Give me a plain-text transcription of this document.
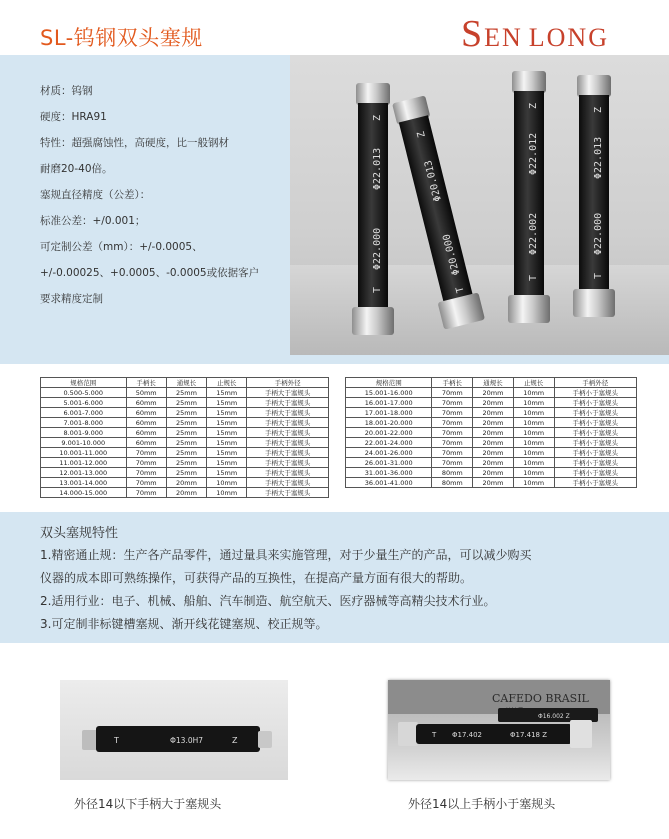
SL-钨钢双头塞规	SEN LONG

材质：钨钢

硬度：HRA91

特性：超强腐蚀性，高硬度，比一般钢材

耐磨20-40倍。

塞规直径精度（公差）：

标准公差：+/0.001；

可定制公差（mm）：+/-0.0005、

+/-0.00025、+0.0005、-0.0005或依据客户

要求精度定制

Z
Φ22.013
Φ22.000
T
Z
Φ20.013
Φ20.000
T
Z
Φ22.012
Φ22.002
T
Z
Φ22.013
Φ22.000
T
规格范围	手柄长	通规长	止规长	手柄外径
0.500-5.000	50mm	25mm	15mm	手柄大于塞规头
5.001-6.000	60mm	25mm	15mm	手柄大于塞规头
6.001-7.000	60mm	25mm	15mm	手柄大于塞规头
7.001-8.000	60mm	25mm	15mm	手柄大于塞规头
8.001-9.000	60mm	25mm	15mm	手柄大于塞规头
9.001-10.000	60mm	25mm	15mm	手柄大于塞规头
10.001-11.000	70mm	25mm	15mm	手柄大于塞规头
11.001-12.000	70mm	25mm	15mm	手柄大于塞规头
12.001-13.000	70mm	25mm	15mm	手柄大于塞规头
13.001-14.000	70mm	20mm	10mm	手柄大于塞规头
14.000-15.000	70mm	20mm	10mm	手柄大于塞规头
规格范围	手柄长	通规长	止规长	手柄外径
15.001-16.000	70mm	20mm	10mm	手柄小于塞规头
16.001-17.000	70mm	20mm	10mm	手柄小于塞规头
17.001-18.000	70mm	20mm	10mm	手柄小于塞规头
18.001-20.000	70mm	20mm	10mm	手柄小于塞规头
20.001-22.000	70mm	20mm	10mm	手柄小于塞规头
22.001-24.000	70mm	20mm	10mm	手柄小于塞规头
24.001-26.000	70mm	20mm	10mm	手柄小于塞规头
26.001-31.000	70mm	20mm	10mm	手柄小于塞规头
31.001-36.000	80mm	20mm	10mm	手柄小于塞规头
36.001-41.000	80mm	20mm	10mm	手柄小于塞规头
双头塞规特性
1.精密通止规：生产各产品零件，通过量具来实施管理，对于少量生产的产品，可以减少购买
仪器的成本即可熟练操作，可获得产品的互换性，在提高产量方面有很大的帮助。
2.适用行业：电子、机械、船舶、汽车制造、航空航天、医疗器械等高精尖技术行业。
3.可定制非标键槽塞规、渐开线花键塞规、校正规等。
T	Φ13.0H7	Z
CAFEDO BRASIL
Φ16.002 Z
T Φ17.402	Φ17.418 Z
外径14以下手柄大于塞规头	外径14以上手柄小于塞规头
